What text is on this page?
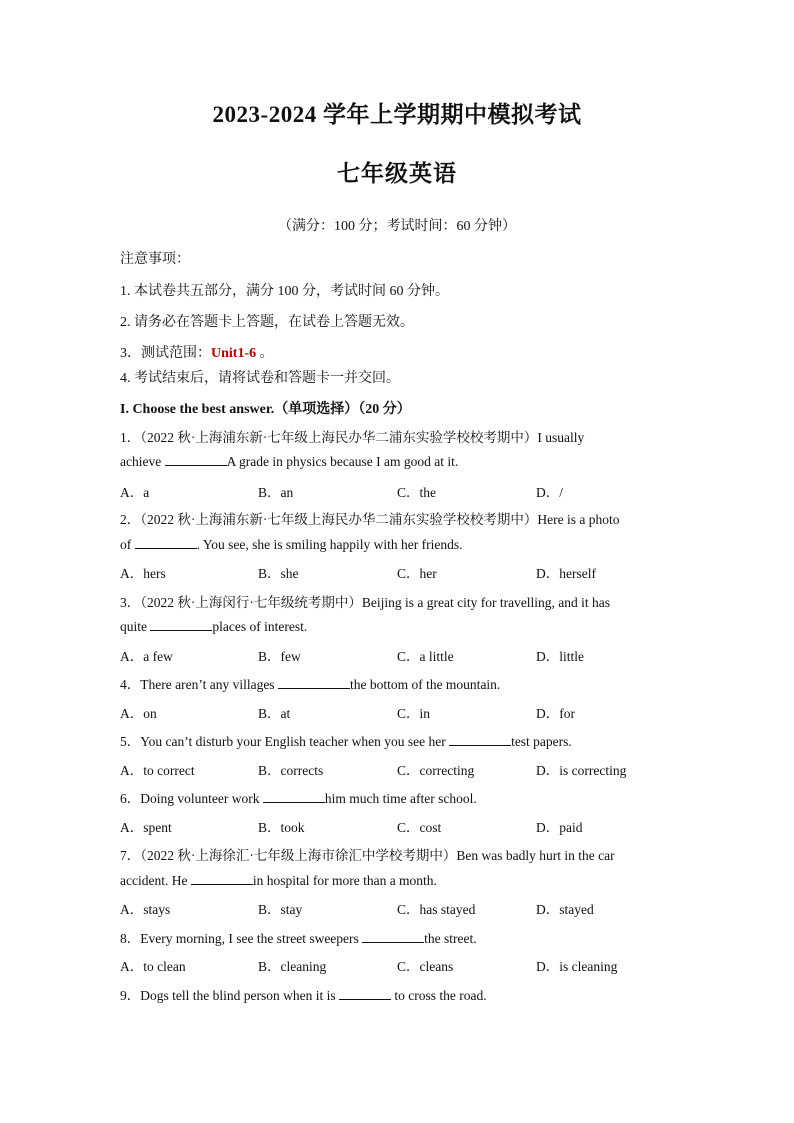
2023-2024 学年上学期期中模拟考试
七年级英语
（满分：100 分；考试时间：60 分钟）
注意事项：
1. 本试卷共五部分，满分 100 分，考试时间 60 分钟。
2. 请务必在答题卡上答题，在试卷上答题无效。
3．测试范围：Unit1-6 。
4. 考试结束后，请将试卷和答题卡一并交回。
I. Choose the best answer.（单项选择）（20 分）
1．（2022 秋·上海浦东新·七年级上海民办华二浦东实验学校校考期中）I usually
achieve	A grade in physics because I am good at it.
A．a	B．an	C．the	D．/
2．（2022 秋·上海浦东新·七年级上海民办华二浦东实验学校校考期中）Here is a photo
of	. You see, she is smiling happily with her friends.
A．hers	B．she	C．her	D．herself
3．（2022 秋·上海闵行·七年级统考期中）Beijing is a great city for travelling, and it has
quite	places of interest.
A．a few	B．few	C．a little	D．little
4．There aren’t any villages	the bottom of the mountain.
A．on	B．at	C．in	D．for
5．You can’t disturb your English teacher when you see her	test papers.
A．to correct	B．corrects	C．correcting	D．is correcting
6．Doing volunteer work	him much time after school.
A．spent	B．took	C．cost	D．paid
7．（2022 秋·上海徐汇·七年级上海市徐汇中学校考期中）Ben was badly hurt in the car
accident. He	in hospital for more than a month.
A．stays	B．stay	C．has stayed	D．stayed
8．Every morning, I see the street sweepers	the street.
A．to clean	B．cleaning	C．cleans	D．is cleaning
9．Dogs tell the blind person when it is	to cross the road.
